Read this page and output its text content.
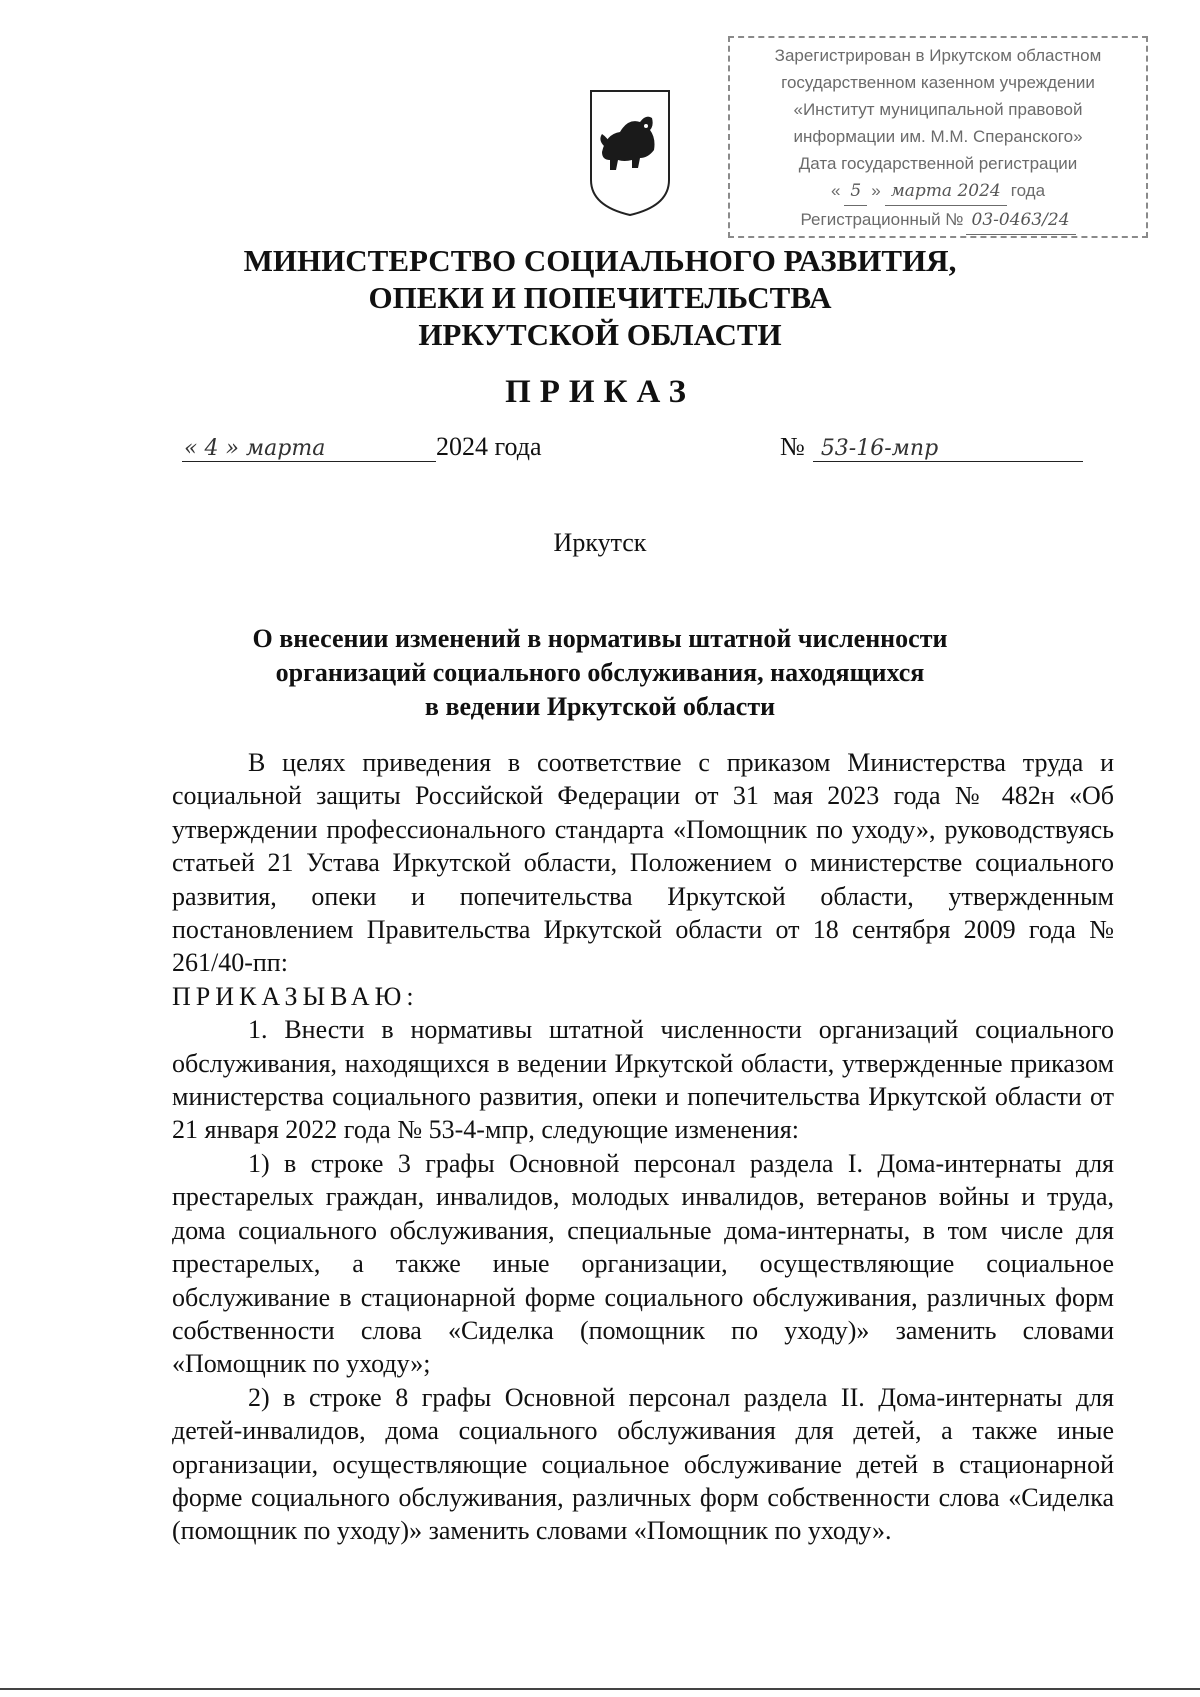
Зарегистрирован в Иркутском областном
государственном казенном учреждении
«Институт муниципальной правовой
информации им. М.М. Сперанского»
Дата государственной регистрации
« 5 » марта 2024 года
Регистрационный № 03-0463/24
МИНИСТЕРСТВО СОЦИАЛЬНОГО РАЗВИТИЯ,
ОПЕКИ И ПОПЕЧИТЕЛЬСТВА
ИРКУТСКОЙ ОБЛАСТИ
ПРИКАЗ
« 4 » марта	2024 года	№ 53-16-мпр
Иркутск
О внесении изменений в нормативы штатной численности
организаций социального обслуживания, находящихся
в ведении Иркутской области

В целях приведения в соответствие с приказом Министерства труда и социальной защиты Российской Федерации от 31 мая 2023 года № 482н «Об утверждении профессионального стандарта «Помощник по уходу», руководствуясь статьей 21 Устава Иркутской области, Положением о министерстве социального развития, опеки и попечительства Иркутской области, утвержденным постановлением Правительства Иркутской области от 18 сентября 2009 года № 261/40-пп:

ПРИКАЗЫВАЮ:

1. Внести в нормативы штатной численности организаций социального обслуживания, находящихся в ведении Иркутской области, утвержденные приказом министерства социального развития, опеки и попечительства Иркутской области от 21 января 2022 года № 53-4-мпр, следующие изменения:

1) в строке 3 графы Основной персонал раздела I. Дома-интернаты для престарелых граждан, инвалидов, молодых инвалидов, ветеранов войны и труда, дома социального обслуживания, специальные дома-интернаты, в том числе для престарелых, а также иные организации, осуществляющие социальное обслуживание в стационарной форме социального обслуживания, различных форм собственности слова «Сиделка (помощник по уходу)» заменить словами «Помощник по уходу»;

2) в строке 8 графы Основной персонал раздела II. Дома-интернаты для детей-инвалидов, дома социального обслуживания для детей, а также иные организации, осуществляющие социальное обслуживание детей в стационарной форме социального обслуживания, различных форм собственности слова «Сиделка (помощник по уходу)» заменить словами «Помощник по уходу».
